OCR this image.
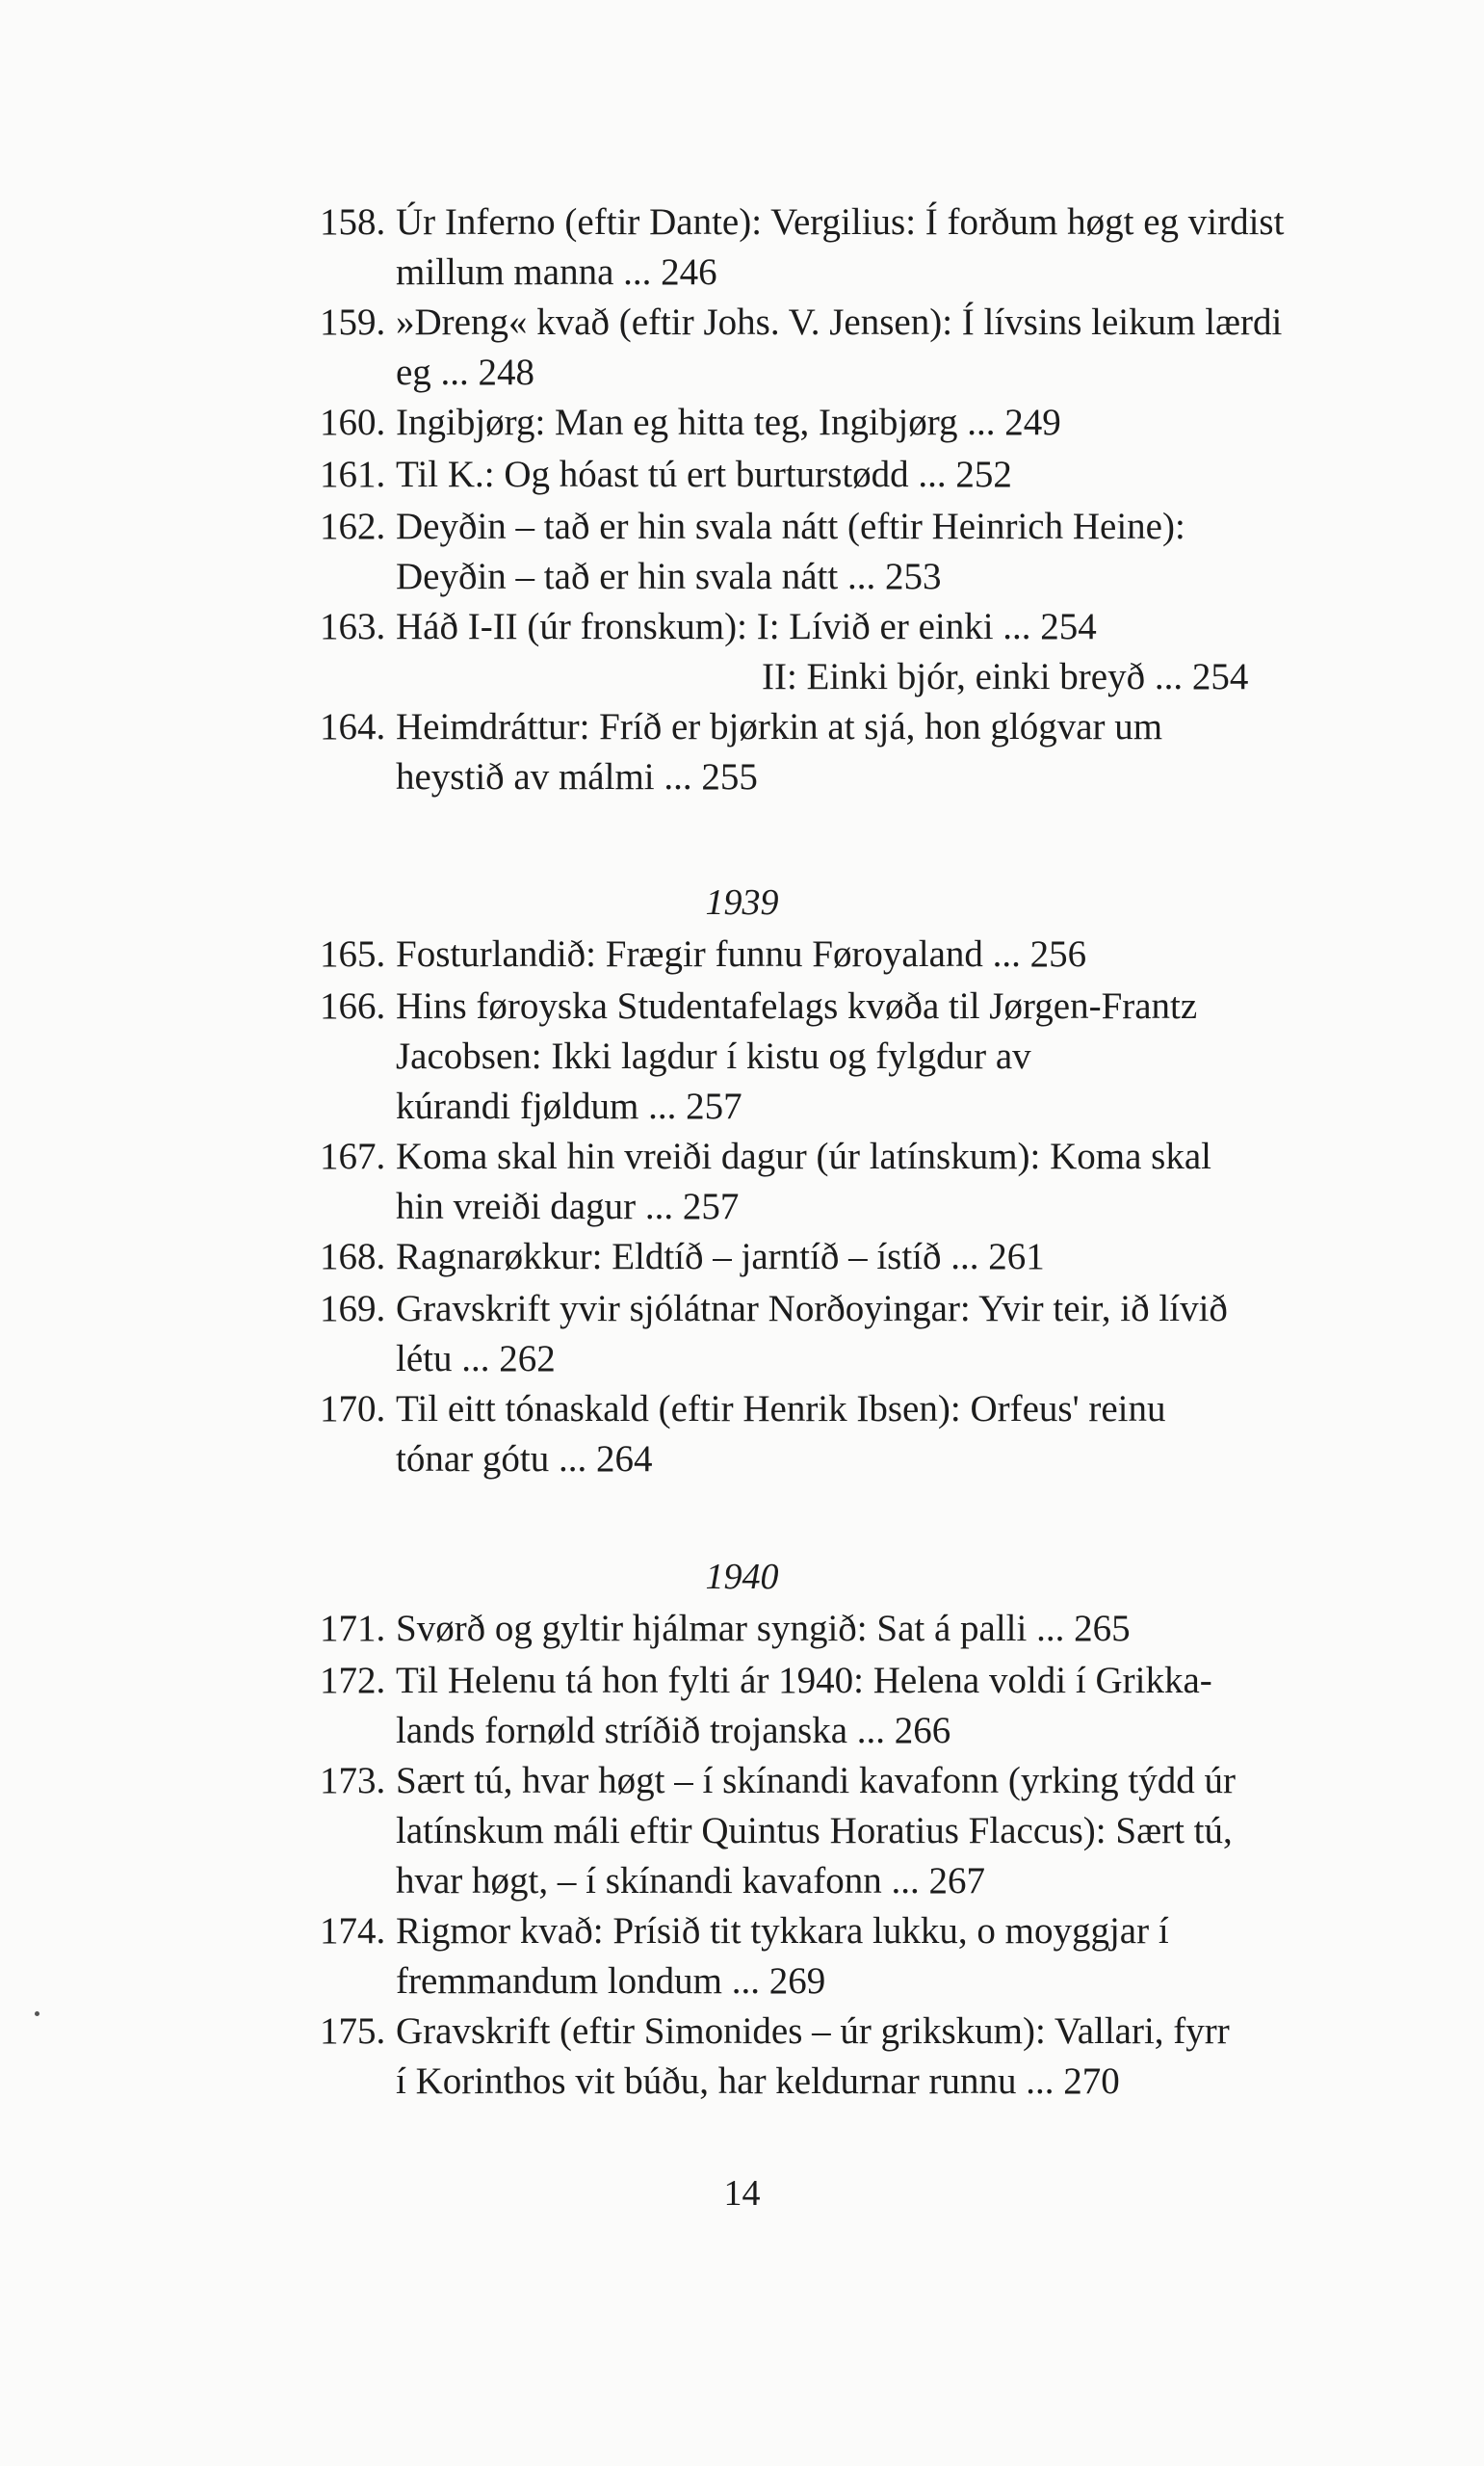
158. Úr Inferno (eftir Dante): Vergilius: Í forðum høgt eg virdist
millum manna ... 246
159. »Dreng« kvað (eftir Johs. V. Jensen): Í lívsins leikum lærdi
eg ... 248
160. Ingibjørg: Man eg hitta teg, Ingibjørg ... 249
161. Til K.: Og hóast tú ert burturstødd ... 252
162. Deyðin – tað er hin svala nátt (eftir Heinrich Heine):
Deyðin – tað er hin svala nátt ... 253
163. Háð I-II (úr fronskum): I: Lívið er einki ... 254
II: Einki bjór, einki breyð ... 254
164. Heimdráttur: Fríð er bjørkin at sjá, hon glógvar um
heystið av málmi ... 255
1939
165. Fosturlandið: Frægir funnu Føroyaland ... 256
166. Hins føroyska Studentafelags kvøða til Jørgen-Frantz
Jacobsen: Ikki lagdur í kistu og fylgdur av
kúrandi fjøldum ... 257
167. Koma skal hin vreiði dagur (úr latínskum): Koma skal
hin vreiði dagur ... 257
168. Ragnarøkkur: Eldtíð – jarntíð – ístíð ... 261
169. Gravskrift yvir sjólátnar Norðoyingar: Yvir teir, ið lívið
létu ... 262
170. Til eitt tónaskald (eftir Henrik Ibsen): Orfeus' reinu
tónar gótu ... 264
1940
171. Svørð og gyltir hjálmar syngið: Sat á palli ... 265
172. Til Helenu tá hon fylti ár 1940: Helena voldi í Grikka-
lands fornøld stríðið trojanska ... 266
173. Sært tú, hvar høgt – í skínandi kavafonn (yrking týdd úr
latínskum máli eftir Quintus Horatius Flaccus): Sært tú,
hvar høgt, – í skínandi kavafonn ... 267
174. Rigmor kvað: Prísið tit tykkara lukku, o moyggjar í
fremmandum londum ... 269
175. Gravskrift (eftir Simonides – úr grikskum): Vallari, fyrr
í Korinthos vit búðu, har keldurnar runnu ... 270
14
